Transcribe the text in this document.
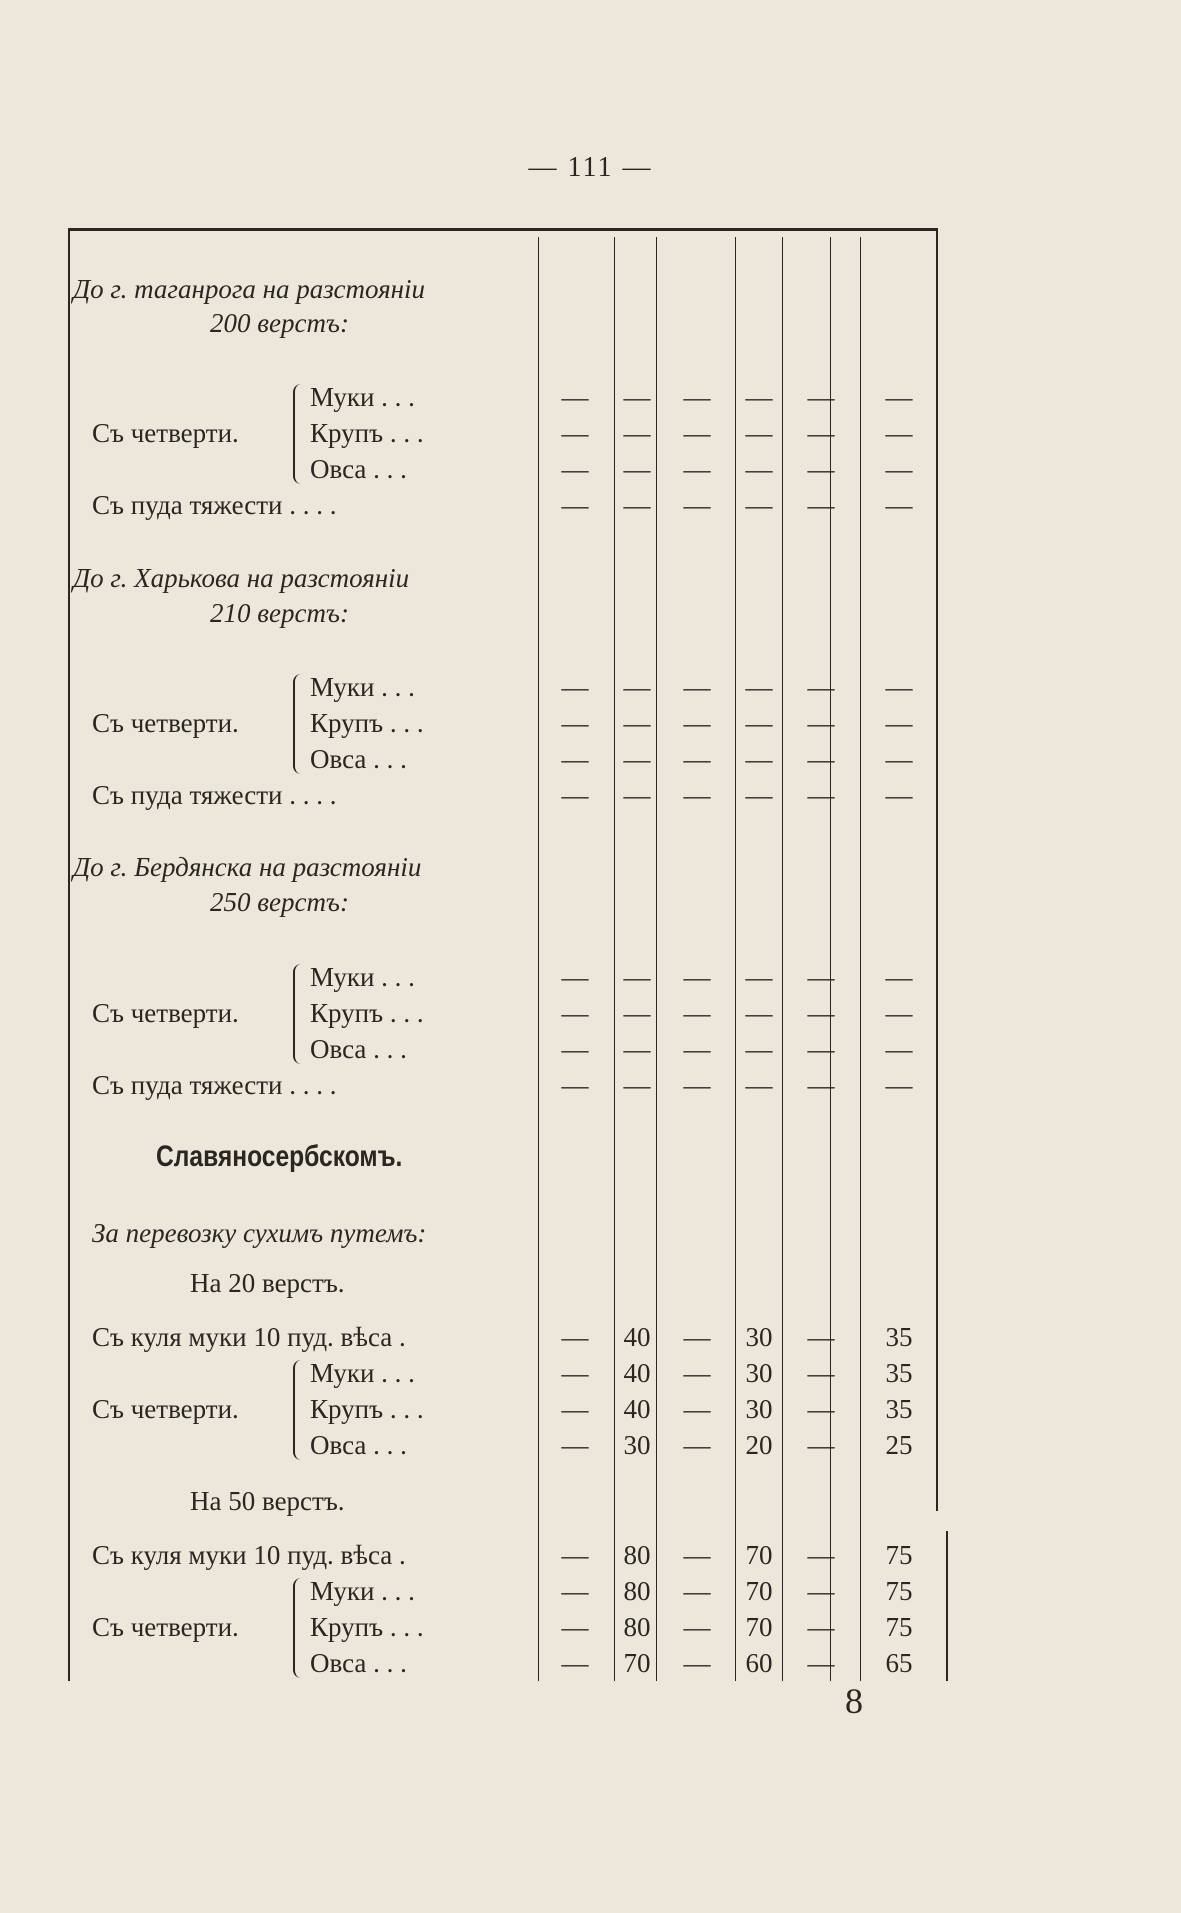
— 111 —
До г. таганрога на разстояніи
200 верстъ:
Муки . . .	—	—	—	—	—	—
Съ четверти.	Крупъ . . .	—	—	—	—	—	—
Овса . . .	—	—	—	—	—	—
Съ пуда тяжести . . . .	—	—	—	—	—	—
До г. Харькова на разстояніи
210 верстъ:
Муки . . .	—	—	—	—	—	—
Съ четверти.	Крупъ . . .	—	—	—	—	—	—
Овса . . .	—	—	—	—	—	—
Съ пуда тяжести . . . .	—	—	—	—	—	—
До г. Бердянска на разстояніи
250 верстъ:
Муки . . .	—	—	—	—	—	—
Съ четверти.	Крупъ . . .	—	—	—	—	—	—
Овса . . .	—	—	—	—	—	—
Съ пуда тяжести . . . .	—	—	—	—	—	—
Славяносербскомъ.
За перевозку сухимъ путемъ:
На 20 верстъ.
Съ куля муки 10 пуд. вѣса .	—	40	—	30	—	35
Муки . . .	—	40	—	30	—	35
Съ четверти.	Крупъ . . .	—	40	—	30	—	35
Овса . . .	—	30	—	20	—	25
На 50 верстъ.
Съ куля муки 10 пуд. вѣса .	—	80	—	70	—	75
Муки . . .	—	80	—	70	—	75
Съ четверти.	Крупъ . . .	—	80	—	70	—	75
Овса . . .	—	70	—	60	—	65
8
